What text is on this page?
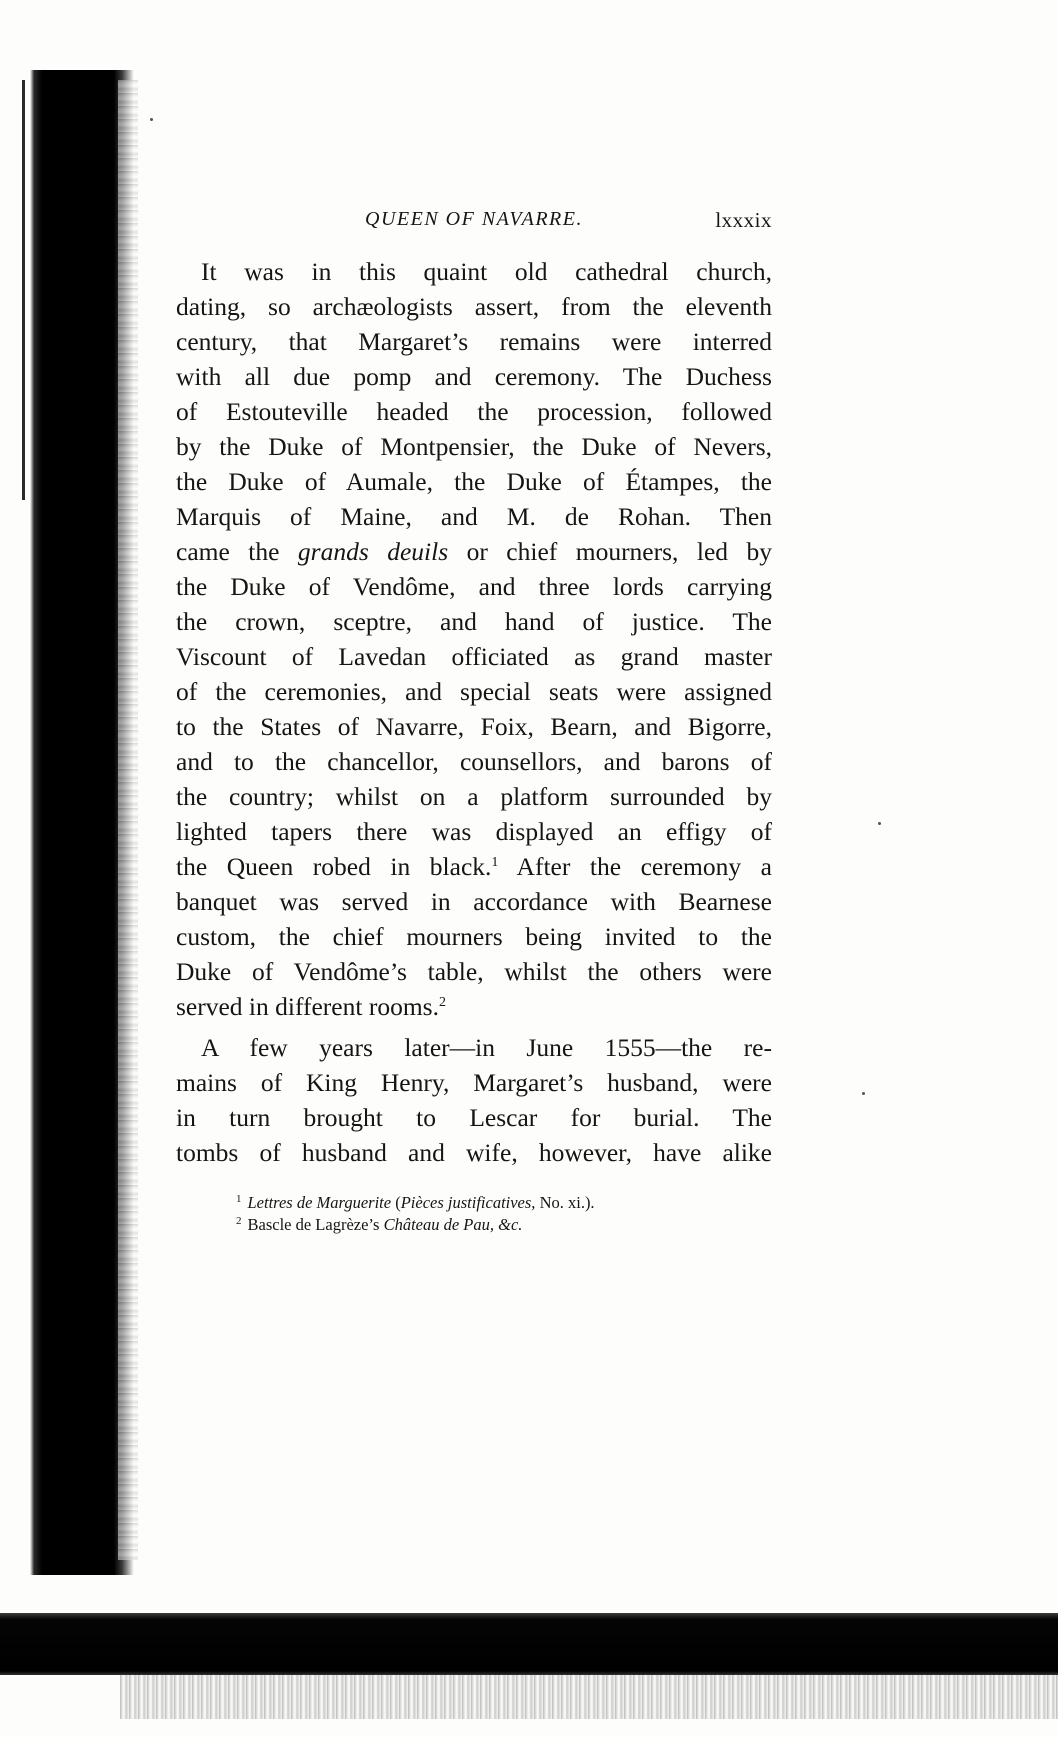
QUEEN OF NAVARRE.	lxxxix
It was in this quaint old cathedral church,
dating, so archæologists assert, from the eleventh
century, that Margaret’s remains were interred
with all due pomp and ceremony. The Duchess
of Estouteville headed the procession, followed
by the Duke of Montpensier, the Duke of Nevers,
the Duke of Aumale, the Duke of Étampes, the
Marquis of Maine, and M. de Rohan. Then
came the grands deuils or chief mourners, led by
the Duke of Vendôme, and three lords carrying
the crown, sceptre, and hand of justice. The
Viscount of Lavedan officiated as grand master
of the ceremonies, and special seats were assigned
to the States of Navarre, Foix, Bearn, and Bigorre,
and to the chancellor, counsellors, and barons of
the country; whilst on a platform surrounded by
lighted tapers there was displayed an effigy of
the Queen robed in black.$^1$ After the ceremony a
banquet was served in accordance with Bearnese
custom, the chief mourners being invited to the
Duke of Vendôme’s table, whilst the others were
served in different rooms.$^2$
A few years later—in June 1555—the re-
mains of King Henry, Margaret’s husband, were
in turn brought to Lescar for burial. The
tombs of husband and wife, however, have alike
$^1$ Lettres de Marguerite (Pièces justificatives, No. xi.).
$^2$ Bascle de Lagrèze’s Château de Pau, &c.
